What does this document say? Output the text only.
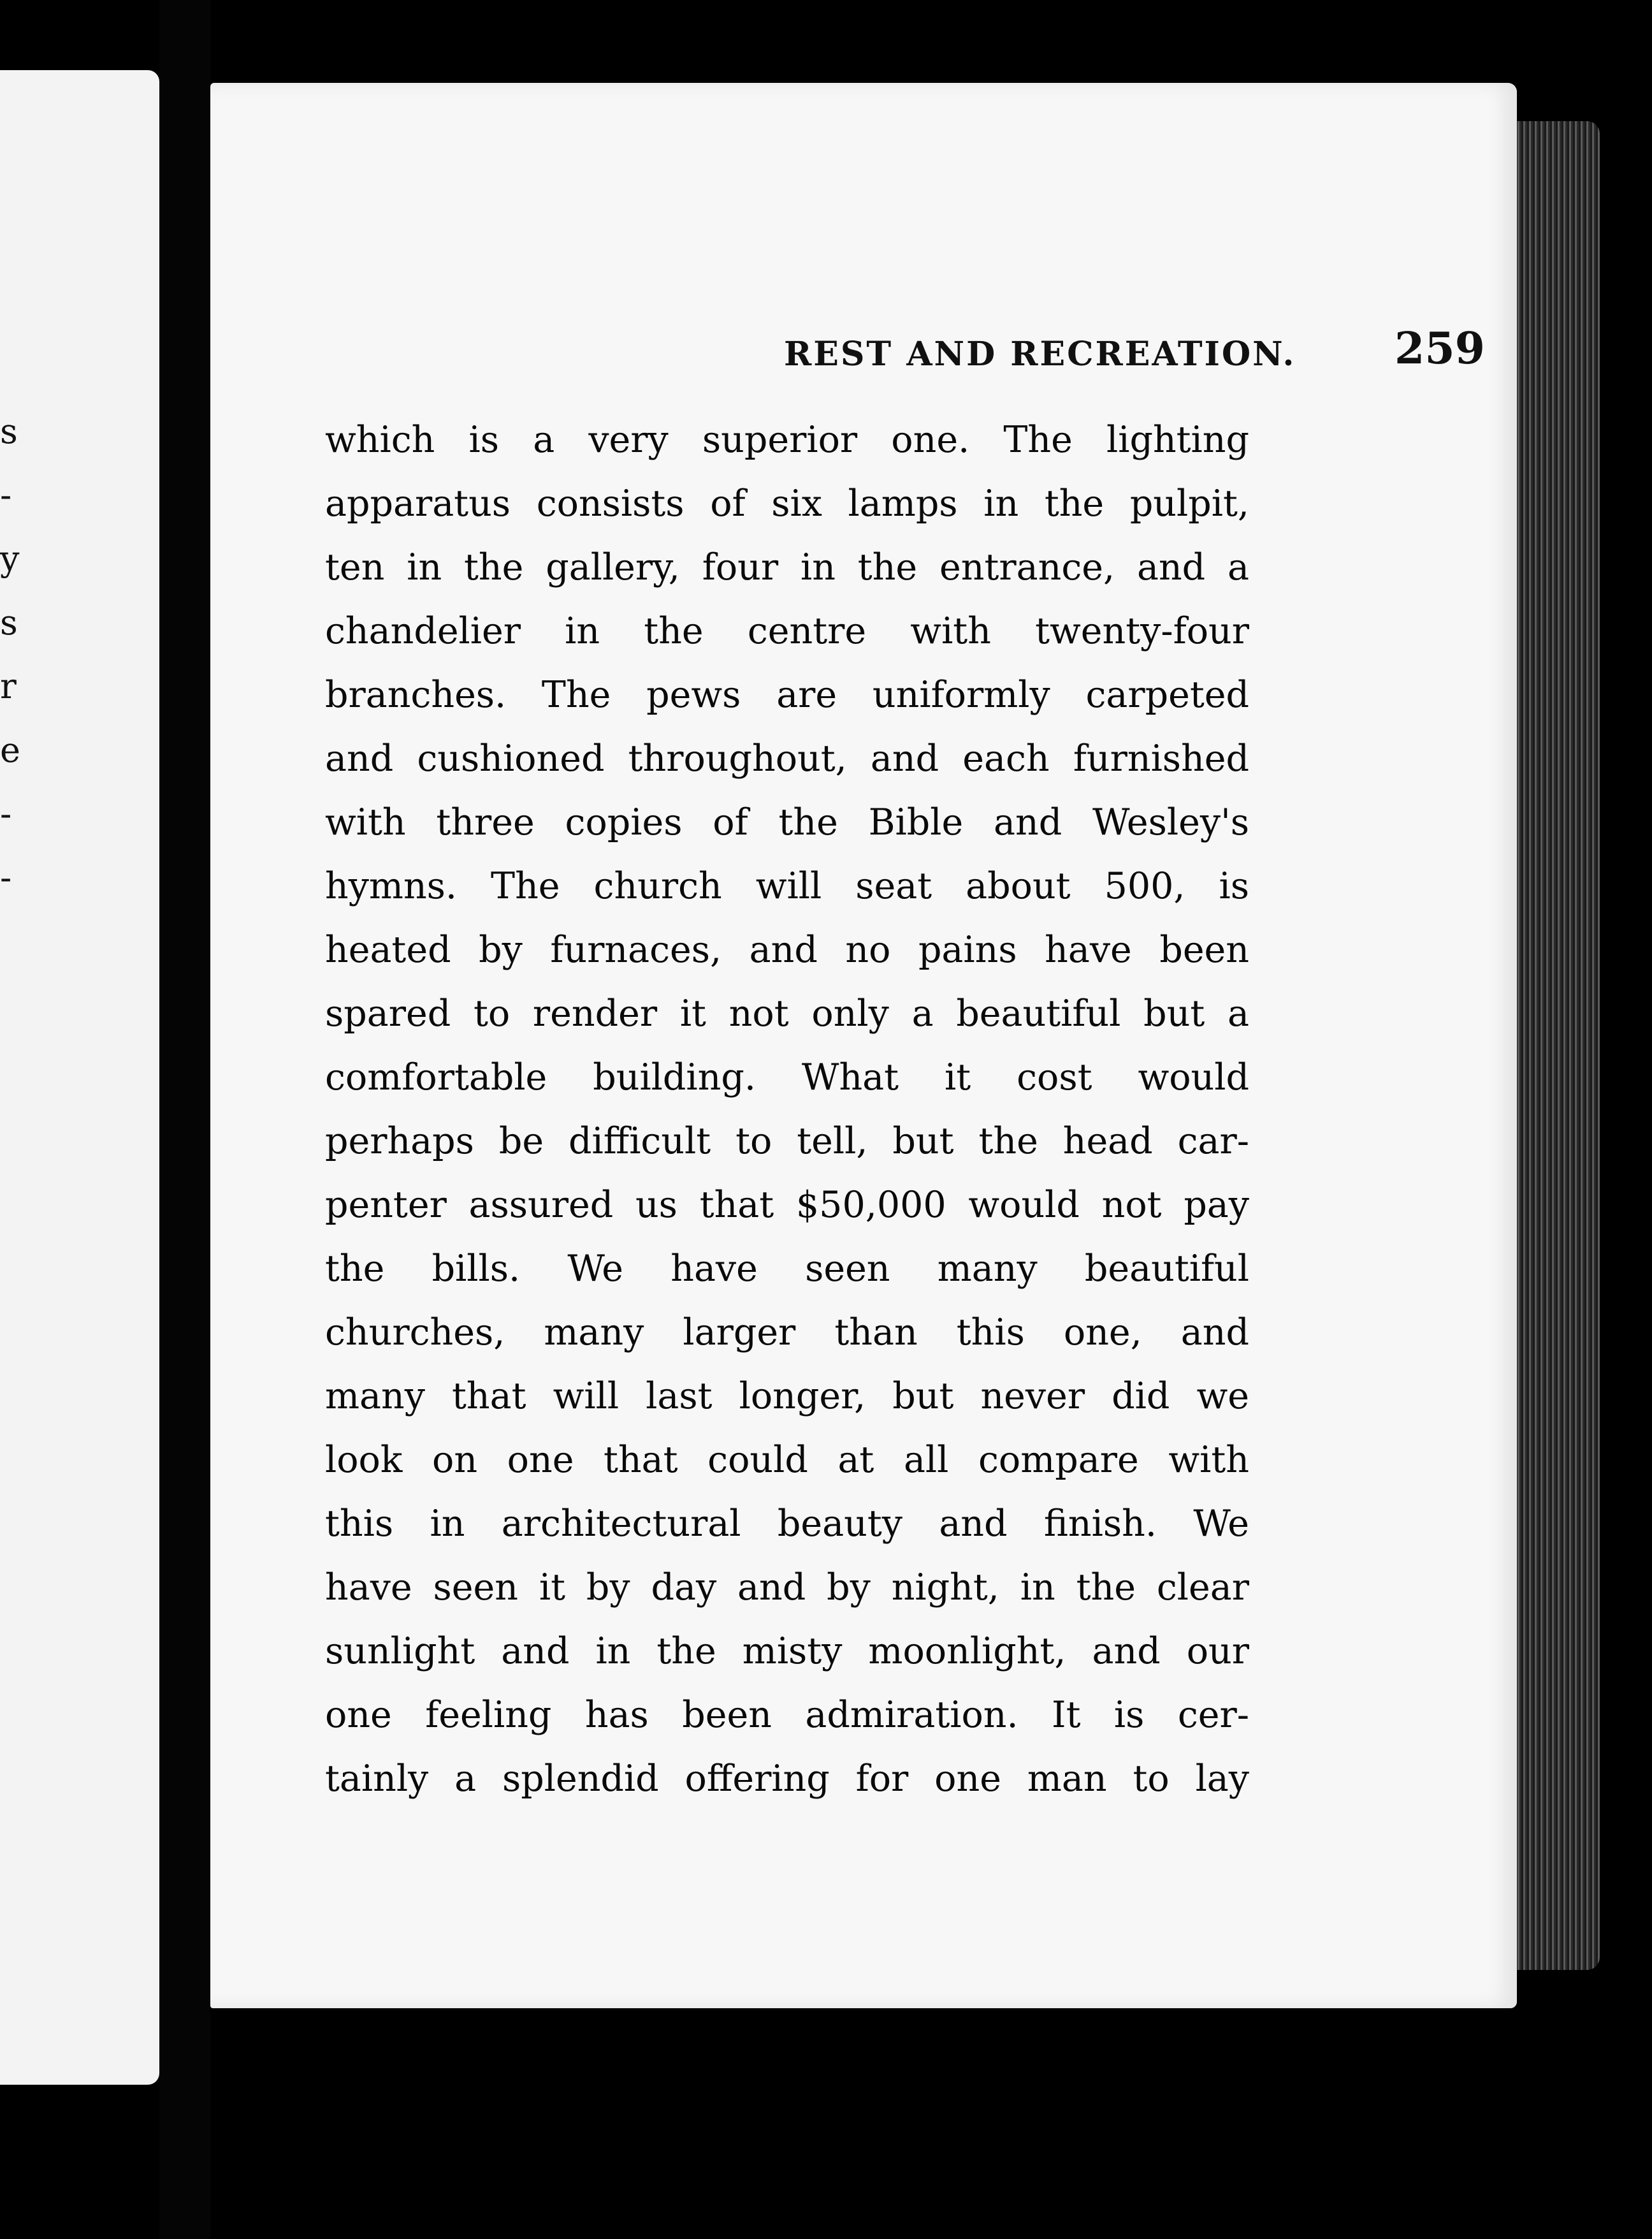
s
-
y
s
r
e
-
-
REST AND RECREATION. 259
which is a very superior one. The lighting
apparatus consists of six lamps in the pulpit,
ten in the gallery, four in the entrance, and a
chandelier in the centre with twenty-four
branches. The pews are uniformly carpeted
and cushioned throughout, and each furnished
with three copies of the Bible and Wesley's
hymns. The church will seat about 500, is
heated by furnaces, and no pains have been
spared to render it not only a beautiful but a
comfortable building. What it cost would
perhaps be difficult to tell, but the head car-
penter assured us that $50,000 would not pay
the bills. We have seen many beautiful
churches, many larger than this one, and
many that will last longer, but never did we
look on one that could at all compare with
this in architectural beauty and finish. We
have seen it by day and by night, in the clear
sunlight and in the misty moonlight, and our
one feeling has been admiration. It is cer-
tainly a splendid offering for one man to lay
